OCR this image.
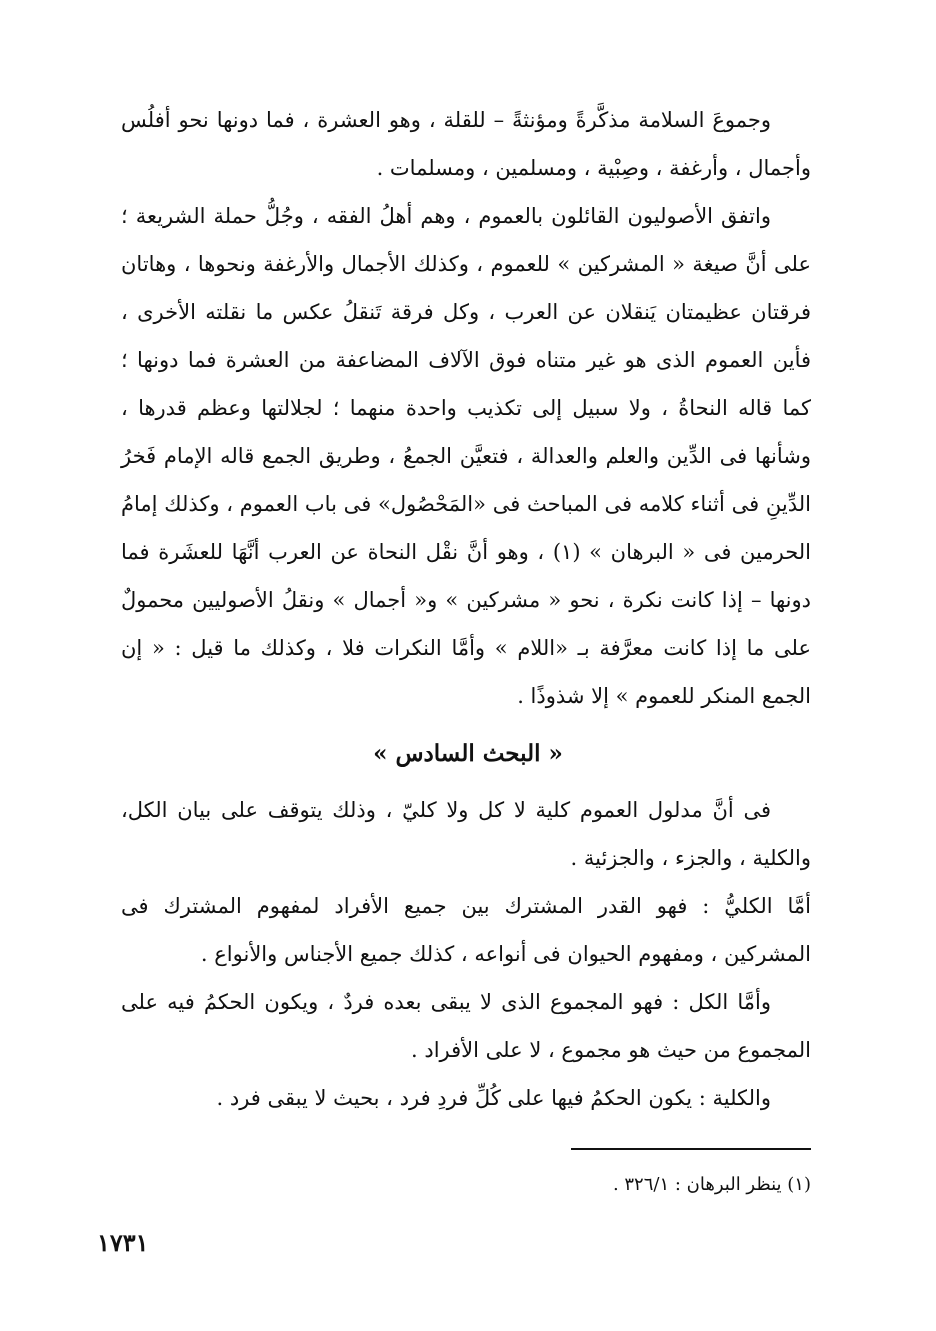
وجموعَ السلامة مذكَّرةً ومؤنثةً – للقلة ، وهو العشرة ، فما دونها نحو أفلُس وأجمال ، وأرغفة ، وصِبْية ، ومسلمين ، ومسلمات .
واتفق الأصوليون القائلون بالعموم ، وهم أهلُ الفقه ، وجُلُّ حملة الشريعة ؛ على أنَّ صيغة « المشركين » للعموم ، وكذلك الأجمال والأرغفة ونحوها ، وهاتان فرقتان عظيمتان يَنقلان عن العرب ، وكل فرقة تَنقلُ عكس ما نقلته الأخرى ، فأين العموم الذى هو غير متناه فوق الآلاف المضاعفة من العشرة فما دونها ؛ كما قاله النحاةُ ، ولا سبيل إلى تكذيب واحدة منهما ؛ لجلالتها وعظم قدرها ، وشأنها فى الدِّين والعلم والعدالة ، فتعيَّن الجمعُ ، وطريق الجمع قاله الإمام فَخرُ الدِّينِ فى أثناء كلامه فى المباحث فى «المَحْصُول» فى باب العموم ، وكذلك إمامُ الحرمين فى « البرهان » (١) ، وهو أنَّ نقْل النحاة عن العرب أنَّهَا للعشَرة فما دونها – إذا كانت نكرة ، نحو « مشركين » و« أجمال » ونقلُ الأصوليين محمولٌ على ما إذا كانت معرَّفة بـ «اللام » وأمَّا النكرات فلا ، وكذلك ما قيل : « إن الجمع المنكر للعموم » إلا شذوذًا .
« البحث السادس »
فى أنَّ مدلول العموم كلية لا كل ولا كليّ ، وذلك يتوقف على بيان الكل، والكلية ، والجزء ، والجزئية .
أمَّا الكليُّ : فهو القدر المشترك بين جميع الأفراد لمفهوم المشترك فى المشركين ، ومفهوم الحيوان فى أنواعه ، كذلك جميع الأجناس والأنواع .
وأمَّا الكل : فهو المجموع الذى لا يبقى بعده فردٌ ، ويكون الحكمُ فيه على المجموع من حيث هو مجموع ، لا على الأفراد .
والكلية : يكون الحكمُ فيها على كُلِّ فردِ فرد ، بحيث لا يبقى فرد .
(١) ينظر البرهان : ٣٢٦/١ .
١٧٣١
